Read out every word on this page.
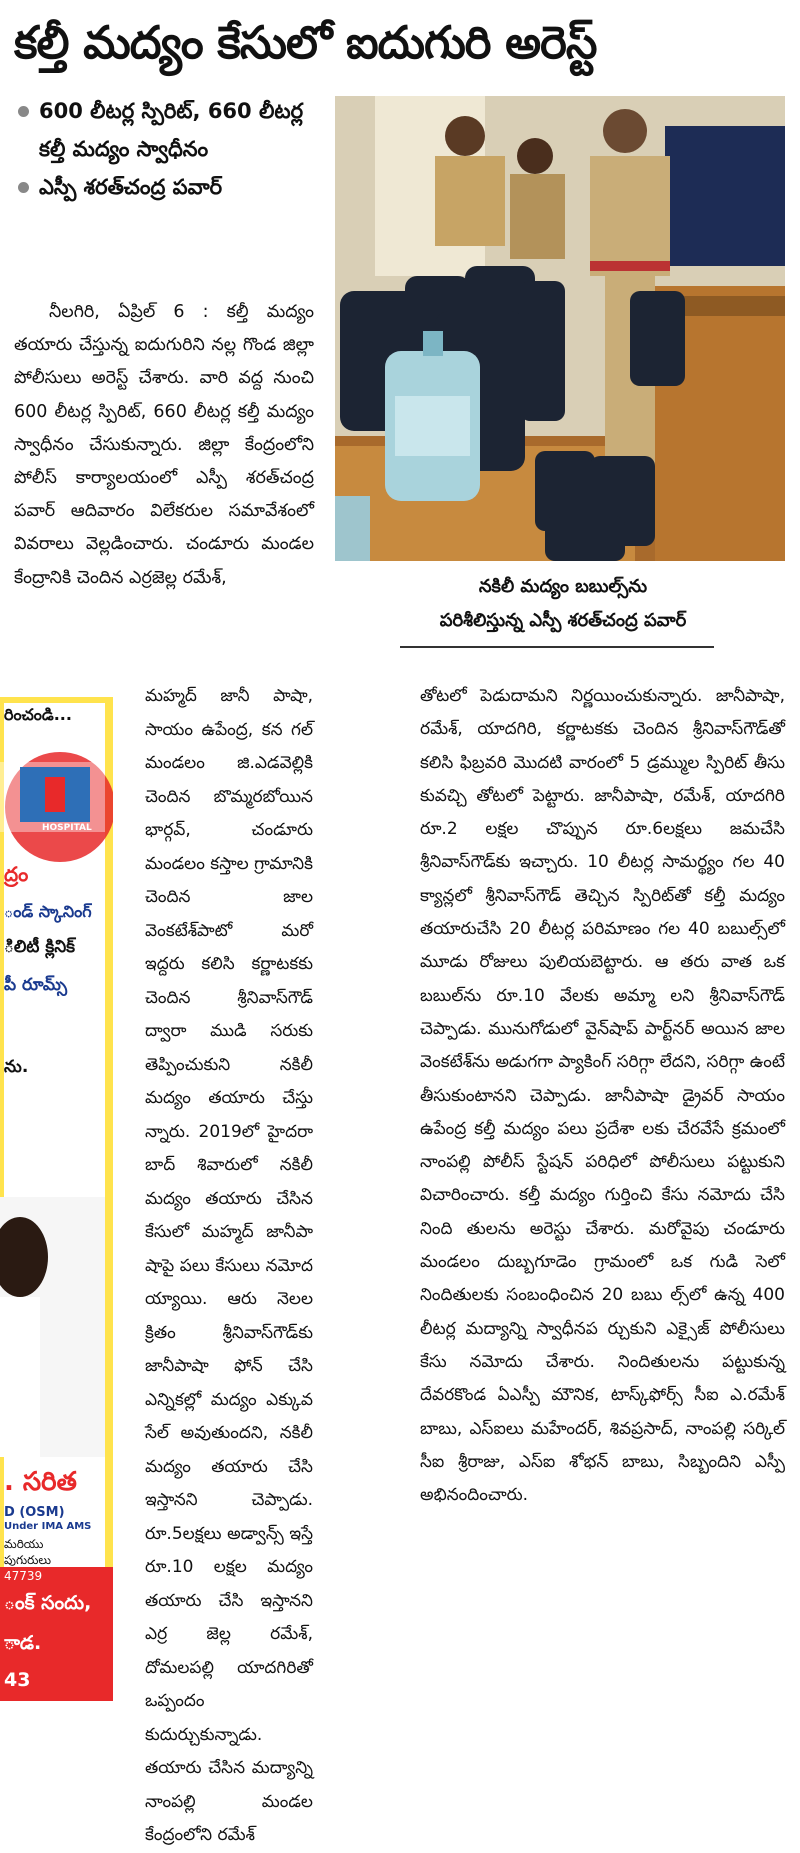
కల్తీ మద్యం కేసులో ఐదుగురి అరెస్ట్
600 లీటర్ల స్పిరిట్, 660 లీటర్ల కల్తీ మద్యం స్వాధీనం
ఎస్పీ శరత్‌చంద్ర పవార్
నకిలీ మద్యం బబుల్స్‌ను
పరిశీలిస్తున్న ఎస్పీ శరత్‌చంద్ర పవార్
నీలగిరి, ఏప్రిల్ 6 : కల్తీ మద్యం తయారు చేస్తున్న ఐదుగురిని నల్ల గొండ జిల్లా పోలీసులు అరెస్ట్ చేశారు. వారి వద్ద నుంచి 600 లీటర్ల స్పిరిట్, 660 లీటర్ల కల్తీ మద్యం స్వాధీనం చేసుకున్నారు. జిల్లా కేంద్రంలోని పోలీస్ కార్యాలయంలో ఎస్పీ శరత్‌చంద్ర పవార్ ఆదివారం విలేకరుల సమావేశంలో వివరాలు వెల్లడించారు. చండూరు మండల కేంద్రానికి చెందిన ఎర్రజెల్ల రమేశ్,

మహ్మద్ జానీ పాషా, సాయం ఉపేంద్ర, కన గల్ మండలం జి.ఎడవెల్లికి చెందిన బొమ్మరబోయిన భార్గవ్, చండూరు మండలం కస్తాల గ్రామానికి చెందిన జాల వెంకటేశ్‌పాటో మరో ఇద్దరు కలిసి కర్ణాటకకు చెందిన శ్రీనివాస్‌గౌడ్ ద్వారా ముడి సరుకు తెప్పించుకుని నకిలీ మద్యం తయారు చేస్తు న్నారు. 2019లో హైదరా బాద్ శివారులో నకిలీ మద్యం తయారు చేసిన కేసులో మహ్మద్ జానీపా షాపై పలు కేసులు నమోద య్యాయి. ఆరు నెలల క్రితం శ్రీనివాస్‌గౌడ్‌కు జానీపాషా ఫోన్ చేసి ఎన్నికల్లో మద్యం ఎక్కువ సేల్ అవుతుందని, నకిలీ మద్యం తయారు చేసి ఇస్తానని చెప్పాడు. రూ.5లక్షలు అడ్వాన్స్ ఇస్తే రూ.10 లక్షల మద్యం తయారు చేసి ఇస్తానని ఎర్ర జెల్ల రమేశ్, దోమలపల్లి యాదగిరితో ఒప్పందం కుదుర్చుకున్నాడు. తయారు చేసిన మద్యాన్ని నాంపల్లి మండల కేంద్రంలోని రమేశ్

తోటలో పెడుదామని నిర్ణయించుకున్నారు. జానీపాషా, రమేశ్, యాదగిరి, కర్ణాటకకు చెందిన శ్రీనివాస్‌గౌడ్‌తో కలిసి ఫిబ్రవరి మొదటి వారంలో 5 డ్రమ్ముల స్పిరిట్ తీసు కువచ్చి తోటలో పెట్టారు. జానీపాషా, రమేశ్, యాదగిరి రూ.2 లక్షల చొప్పున రూ.6లక్షలు జమచేసి శ్రీనివాస్‌గౌడ్‌కు ఇచ్చారు. 10 లీటర్ల సామర్థ్యం గల 40 క్యాన్లలో శ్రీనివాస్‌గౌడ్ తెచ్చిన స్పిరిట్‌తో కల్తీ మద్యం తయారుచేసి 20 లీటర్ల పరిమాణం గల 40 బబుల్స్‌లో మూడు రోజులు పులియబెట్టారు. ఆ తరు వాత ఒక బబుల్‌ను రూ.10 వేలకు అమ్మా లని శ్రీనివాస్‌గౌడ్ చెప్పాడు. మునుగోడులో వైన్‌షాప్ పార్ట్‌నర్ అయిన జాల వెంకటేశ్‌ను అడుగగా ప్యాకింగ్ సరిగ్గా లేదని, సరిగ్గా ఉంటే తీసుకుంటానని చెప్పాడు. జానీపాషా డ్రైవర్ సాయం ఉపేంద్ర కల్తీ మద్యం పలు ప్రదేశా లకు చేరవేసే క్రమంలో నాంపల్లి పోలీస్ స్టేషన్ పరిధిలో పోలీసులు పట్టుకుని విచారించారు. కల్తీ మద్యం గుర్తించి కేసు నమోదు చేసి నింది తులను అరెస్టు చేశారు. మరోవైపు చండూరు మండలం దుబ్బగూడెం గ్రామంలో ఒక గుడి సెలో నిందితులకు సంబంధించిన 20 బబు ల్స్‌లో ఉన్న 400 లీటర్ల మద్యాన్ని స్వాధీనప ర్చుకుని ఎక్సైజ్ పోలీసులు కేసు నమోదు చేశారు. నిందితులను పట్టుకున్న దేవరకొండ ఏఎస్పీ మౌనిక, టాస్క్‌ఫోర్స్ సీఐ ఎ.రమేశ్ బాబు, ఎస్ఐలు మహేందర్, శివప్రసాద్, నాంపల్లి సర్కిల్ సీఐ శ్రీరాజు, ఎస్ఐ శోభన్ బాబు, సిబ్బందిని ఎస్పీ అభినందించారు.

రించండి...
HOSPITAL
ద్రం
ండ్ స్కానింగ్
ిలిటీ క్లినిక్
పీ రూమ్స్
ను.
. సరిత
D (OSM)
Under IMA AMS
మరియు
పుగురులు
47739
ంక్ సందు,
ాడ.
43
